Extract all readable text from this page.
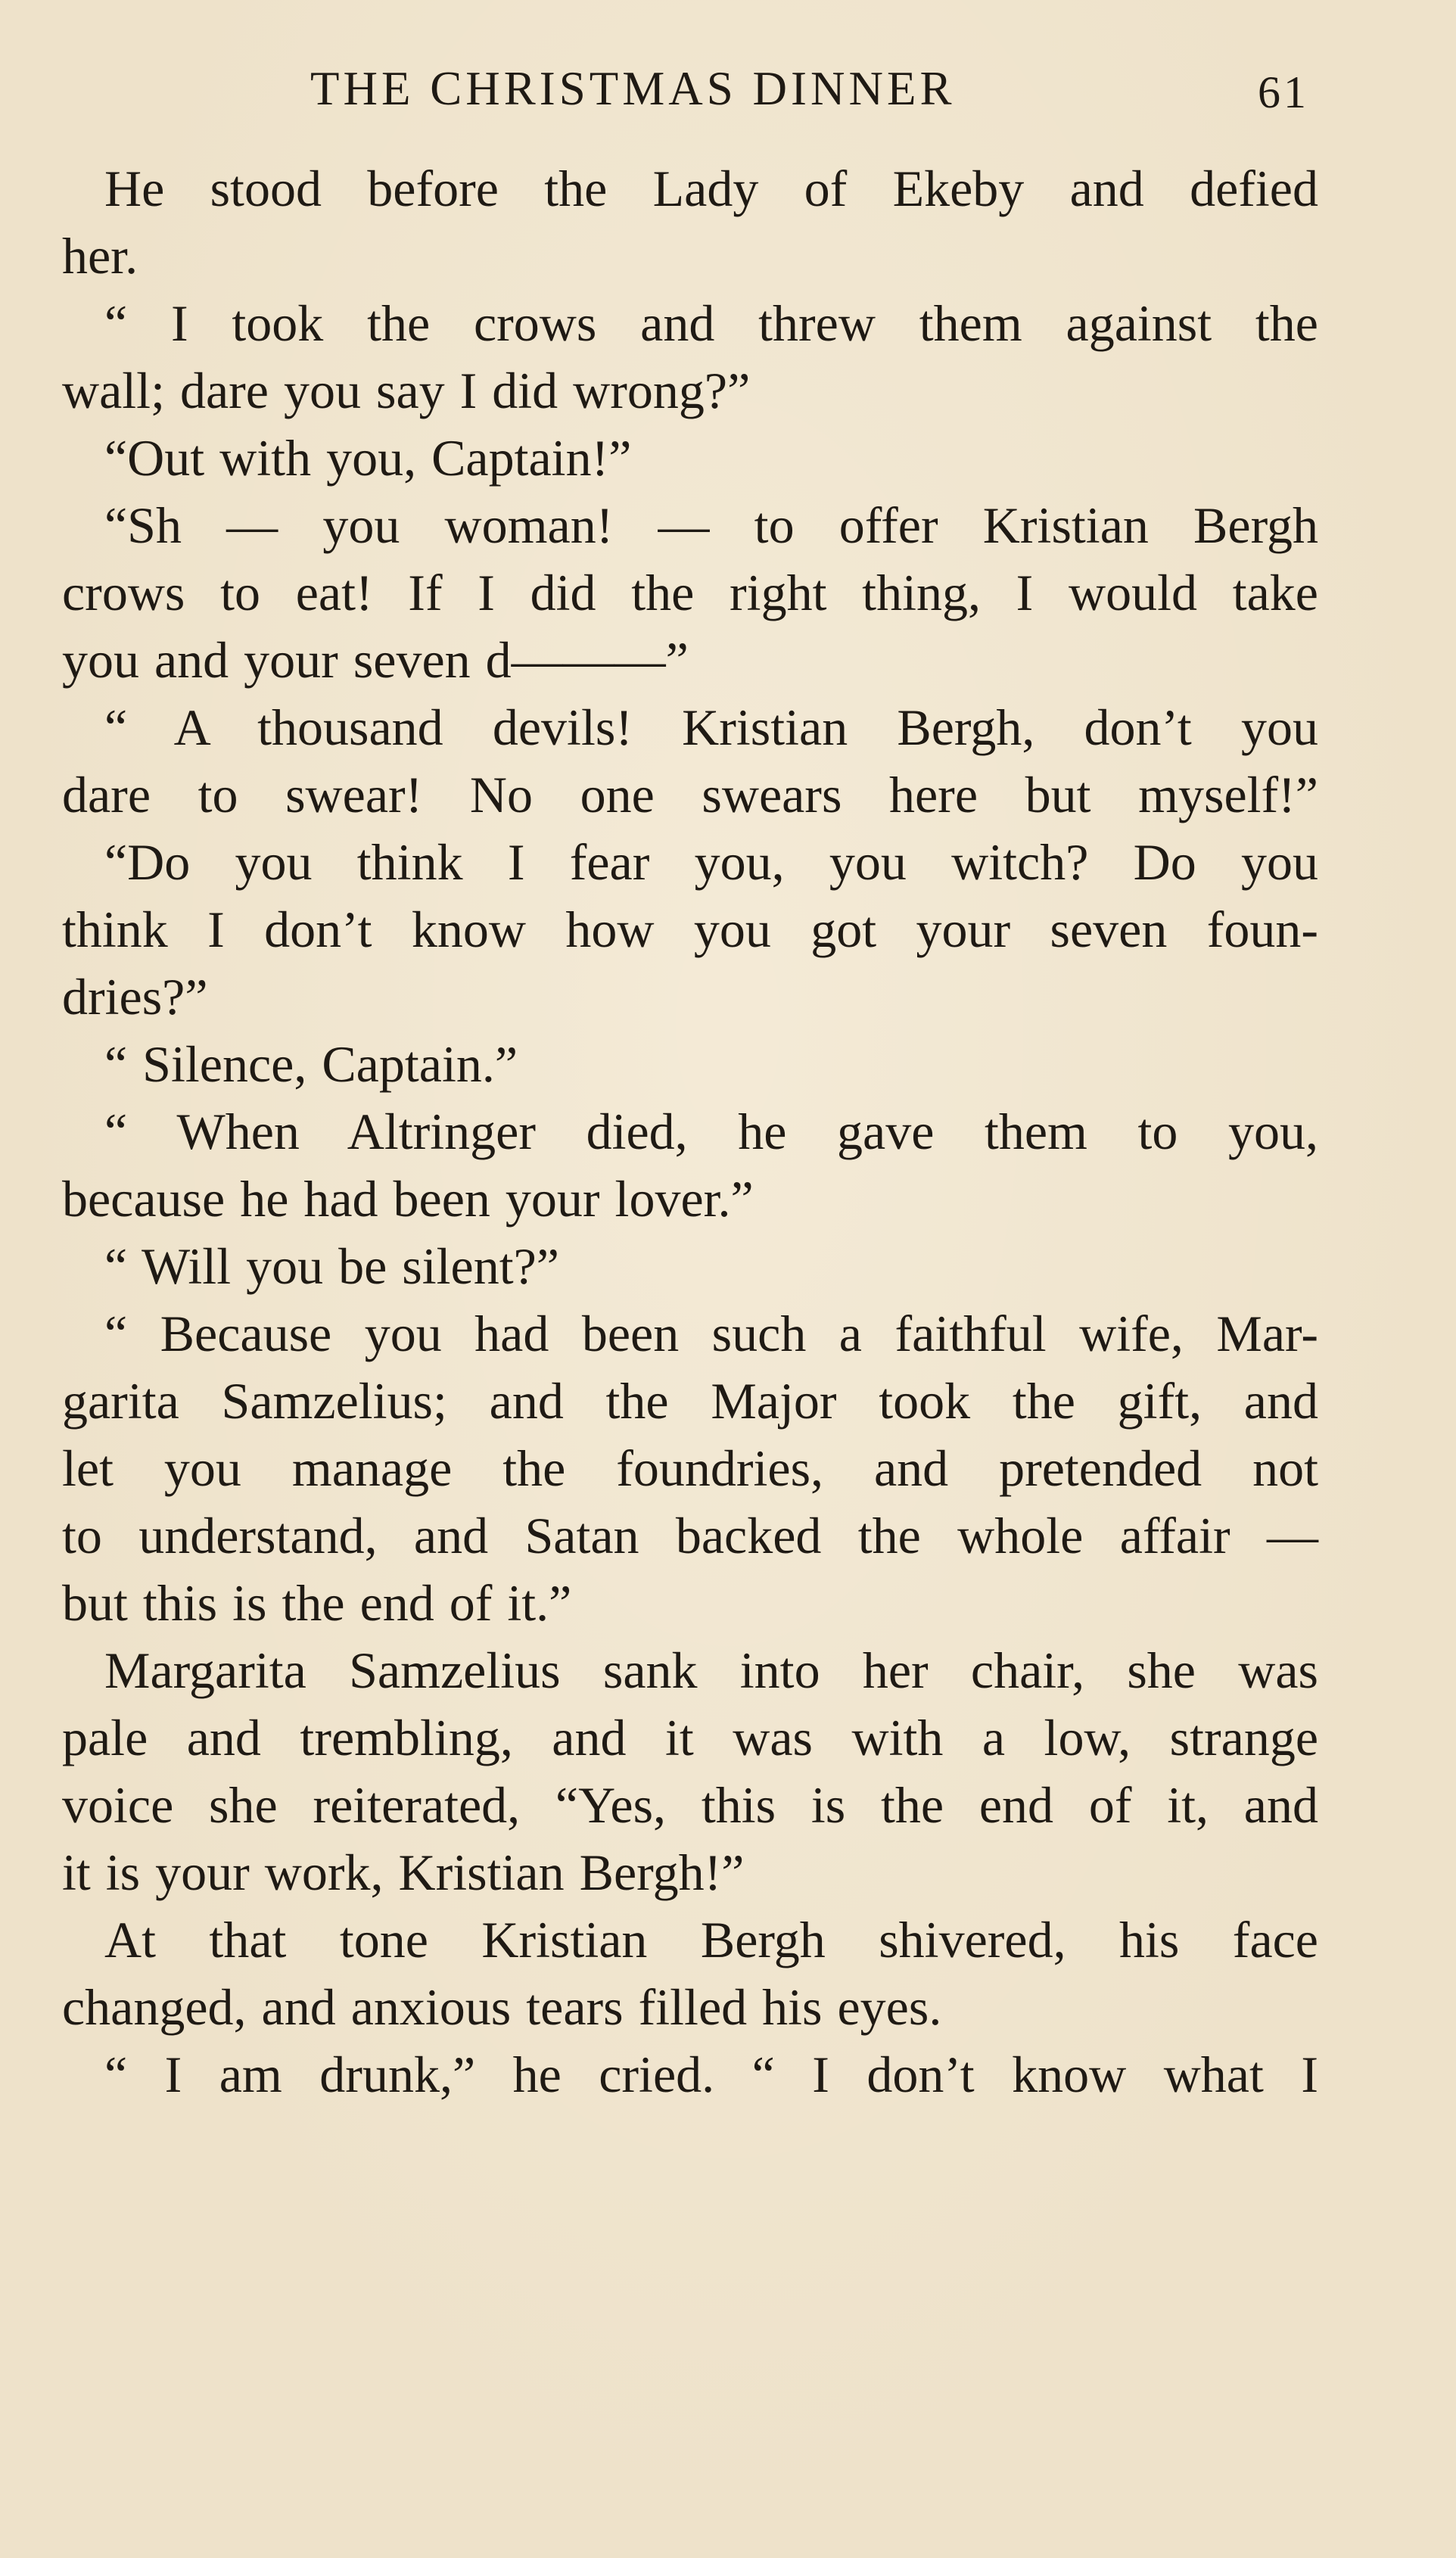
THE CHRISTMAS DINNER	61
He stood before the Lady of Ekeby and defied
her.
“ I took the crows and threw them against the
wall; dare you say I did wrong?”
“Out with you, Captain!”
“Sh — you woman! — to offer Kristian Bergh
crows to eat! If I did the right thing, I would take
you and your seven d———”
“ A thousand devils! Kristian Bergh, don’t you
dare to swear! No one swears here but myself!”
“Do you think I fear you, you witch? Do you
think I don’t know how you got your seven foun-
dries?”
“ Silence, Captain.”
“ When Altringer died, he gave them to you,
because he had been your lover.”
“ Will you be silent?”
“ Because you had been such a faithful wife, Mar-
garita Samzelius; and the Major took the gift, and
let you manage the foundries, and pretended not
to understand, and Satan backed the whole affair —
but this is the end of it.”
Margarita Samzelius sank into her chair, she was
pale and trembling, and it was with a low, strange
voice she reiterated, “Yes, this is the end of it, and
it is your work, Kristian Bergh!”
At that tone Kristian Bergh shivered, his face
changed, and anxious tears filled his eyes.
“ I am drunk,” he cried. “ I don’t know what I
